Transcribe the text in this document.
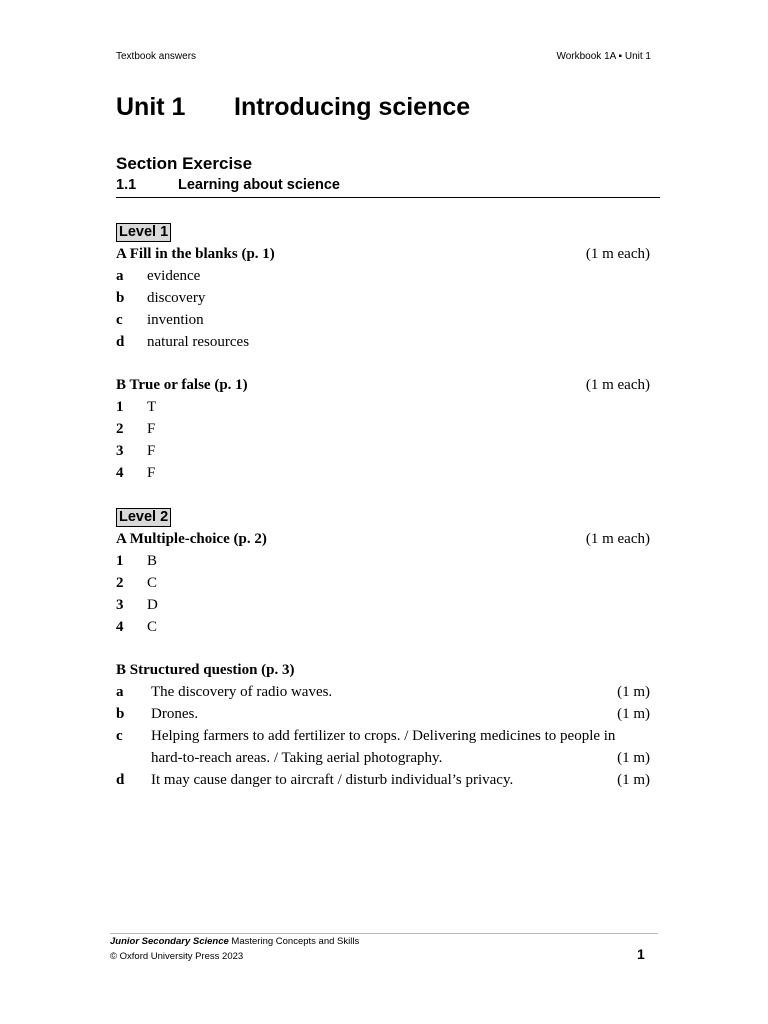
Textbook answers	Workbook 1A ▪ Unit 1
Unit 1 Introducing science
Section Exercise
1.1	Learning about science
Level 1
A Fill in the blanks (p. 1)	(1 m each)
a evidence
b discovery
c invention
d natural resources
B True or false (p. 1)	(1 m each)
1 T
2 F
3 F
4 F
Level 2
A Multiple-choice (p. 2)	(1 m each)
1 B
2 C
3 D
4 C
B Structured question (p. 3)
a The discovery of radio waves.	(1 m)
b Drones.	(1 m)
c Helping farmers to add fertilizer to crops. / Delivering medicines to people in
hard-to-reach areas. / Taking aerial photography.	(1 m)
d It may cause danger to aircraft / disturb individual’s privacy.	(1 m)
Junior Secondary Science Mastering Concepts and Skills
© Oxford University Press 2023	1
